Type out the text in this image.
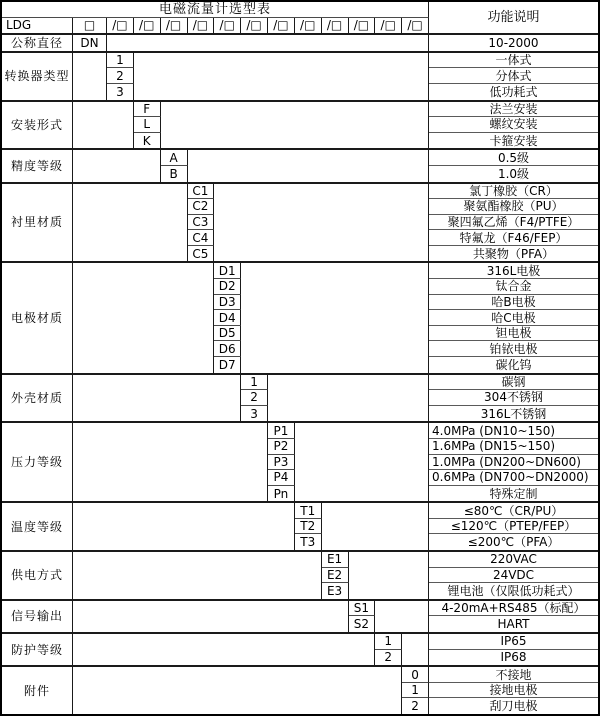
电磁流量计选型表
功能说明
LDG	□	/□ /□ /□ /□ /□ /□ /□ /□ /□ /□ /□ /□
公称直径	DN	10-2000
转换器类型
1	一体式
2	分体式
3	低功耗式
安装形式
F	法兰安装
L	螺纹安装
K	卡箍安装
精度等级
A	0.5级
B	1.0级
衬里材质
C1	氯丁橡胶（CR）
C2	聚氨酯橡胶（PU）
C3	聚四氟乙烯（F4/PTFE）
C4	特氟龙（F46/FEP）
C5	共聚物（PFA）
电极材质
D1	316L电极
D2	钛合金
D3	哈B电极
D4	哈C电极
D5	钽电极
D6	铂铱电极
D7	碳化钨
外壳材质
1	碳钢
2	304不锈钢
3	316L不锈钢
压力等级
P1	4.0MPa (DN10~150)
P2	1.6MPa (DN15~150)
P3	1.0MPa (DN200~DN600)
P4	0.6MPa (DN700~DN2000)
Pn	特殊定制
温度等级
T1	≤80℃（CR/PU）
T2	≤120℃（PTEP/FEP）
T3	≤200℃（PFA）
供电方式
E1	220VAC
E2	24VDC
E3	锂电池（仅限低功耗式）
信号输出
S1	4-20mA+RS485（标配）
S2	HART
防护等级
1	IP65
2	IP68
附件
0	不接地
1	接地电极
2	刮刀电极
